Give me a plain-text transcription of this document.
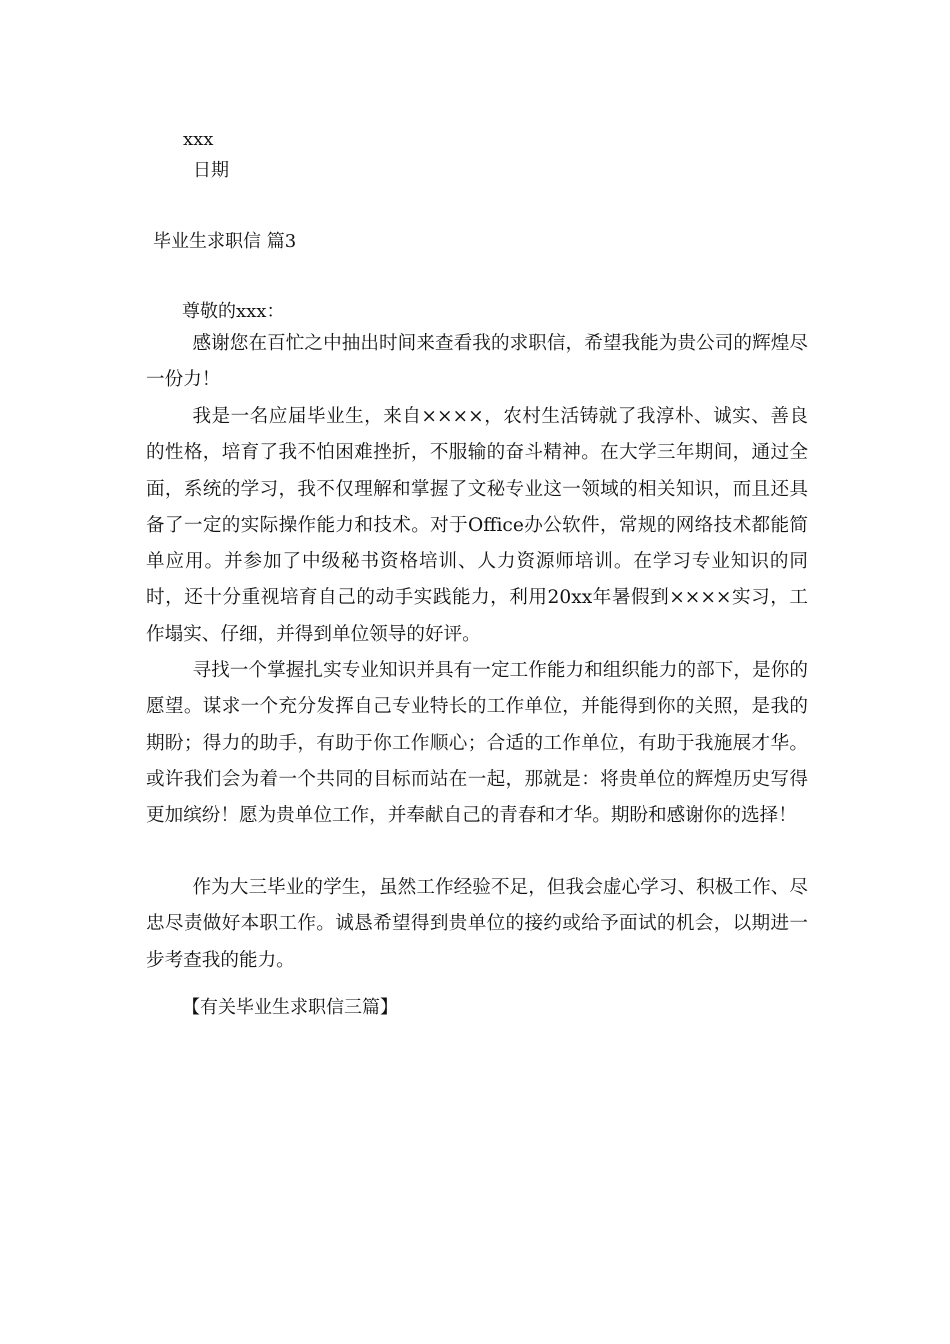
xxx
日期
毕业生求职信 篇3
尊敬的xxx：

感谢您在百忙之中抽出时间来查看我的求职信，希望我能为贵公司的辉煌尽一份力！

我是一名应届毕业生，来自××××，农村生活铸就了我淳朴、诚实、善良的性格，培育了我不怕困难挫折，不服输的奋斗精神。在大学三年期间，通过全面，系统的学习，我不仅理解和掌握了文秘专业这一领域的相关知识，而且还具备了一定的实际操作能力和技术。对于Office办公软件，常规的网络技术都能简单应用。并参加了中级秘书资格培训、人力资源师培训。在学习专业知识的同时，还十分重视培育自己的动手实践能力，利用20xx年暑假到××××实习，工作塌实、仔细，并得到单位领导的好评。

寻找一个掌握扎实专业知识并具有一定工作能力和组织能力的部下，是你的愿望。谋求一个充分发挥自己专业特长的工作单位，并能得到你的关照，是我的期盼；得力的助手，有助于你工作顺心；合适的工作单位，有助于我施展才华。或许我们会为着一个共同的目标而站在一起，那就是：将贵单位的辉煌历史写得更加缤纷！愿为贵单位工作，并奉献自己的青春和才华。期盼和感谢你的选择！

作为大三毕业的学生，虽然工作经验不足，但我会虚心学习、积极工作、尽忠尽责做好本职工作。诚恳希望得到贵单位的接约或给予面试的机会，以期进一步考查我的能力。

【有关毕业生求职信三篇】
